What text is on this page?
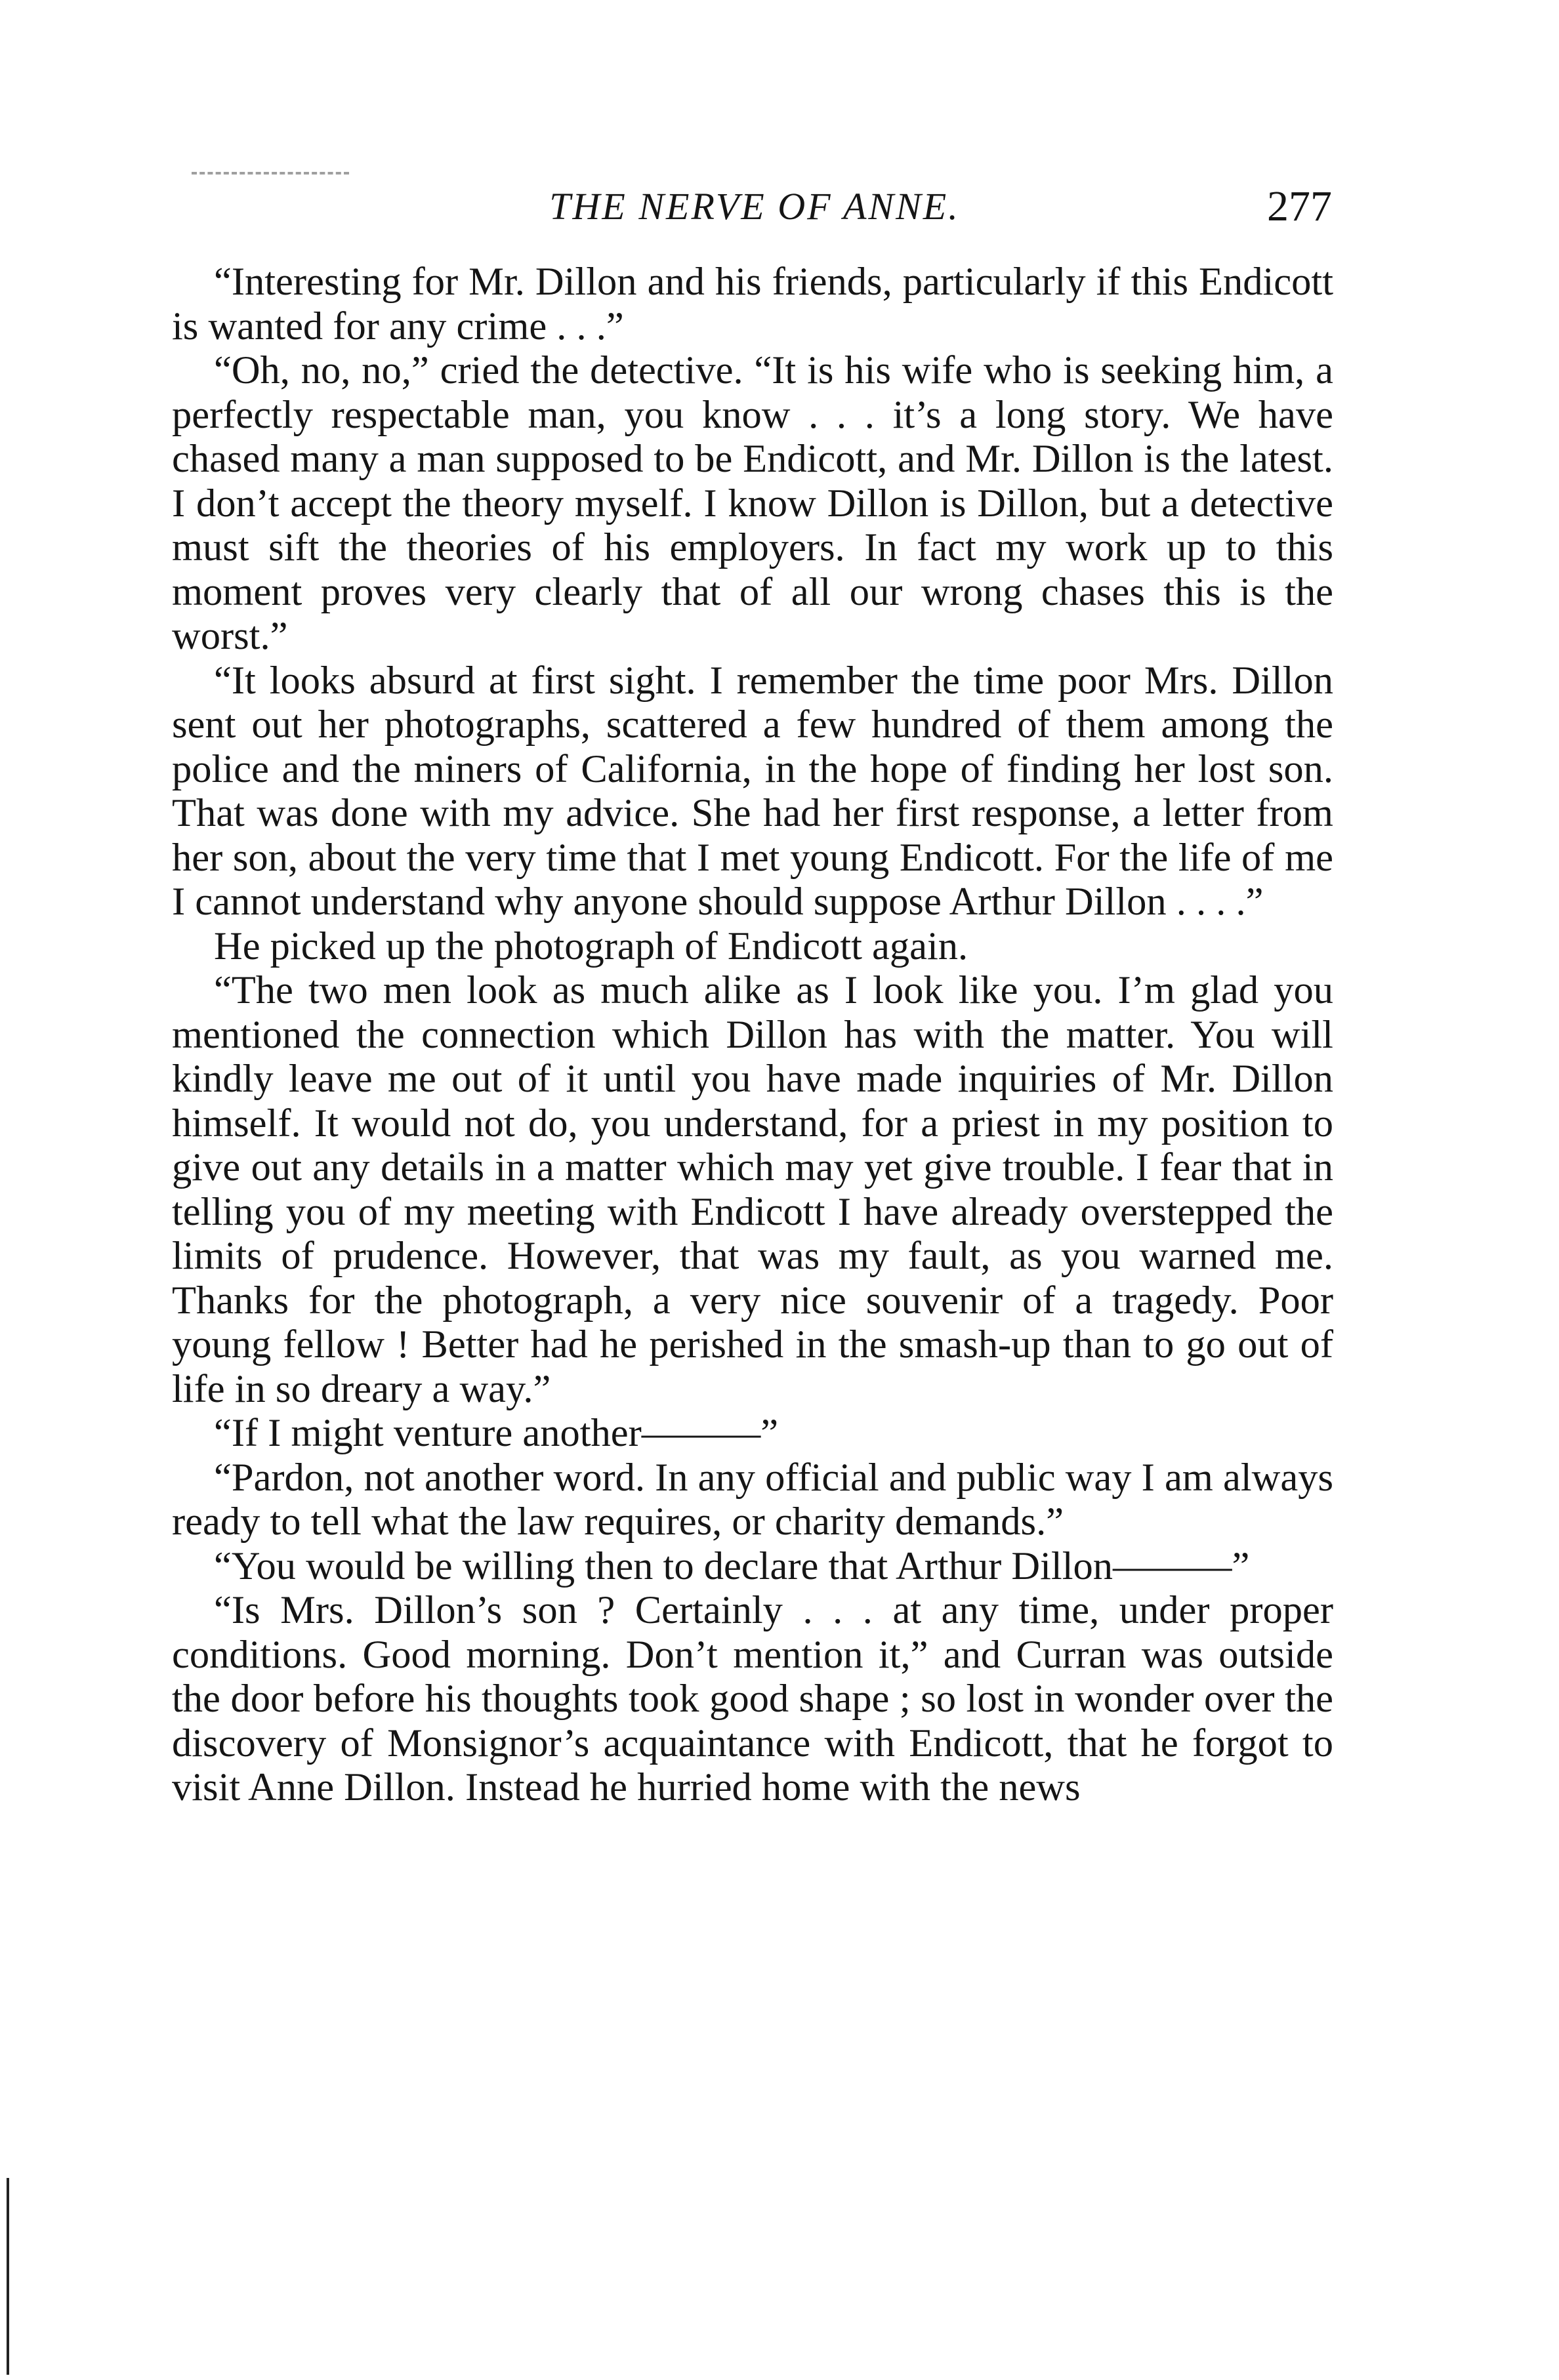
THE NERVE OF ANNE.	277

“Interesting for Mr. Dillon and his friends, particularly if this Endicott is wanted for any crime . . .”

“Oh, no, no,” cried the detective. “It is his wife who is seeking him, a perfectly respectable man, you know . . . it’s a long story. We have chased many a man supposed to be Endicott, and Mr. Dillon is the latest. I don’t accept the theory myself. I know Dillon is Dillon, but a detective must sift the theories of his employers. In fact my work up to this moment proves very clearly that of all our wrong chases this is the worst.”

“It looks absurd at first sight. I remember the time poor Mrs. Dillon sent out her photographs, scattered a few hundred of them among the police and the miners of California, in the hope of finding her lost son. That was done with my advice. She had her first response, a letter from her son, about the very time that I met young Endicott. For the life of me I cannot understand why anyone should suppose Arthur Dillon . . . .”

He picked up the photograph of Endicott again.

“The two men look as much alike as I look like you. I’m glad you mentioned the connection which Dillon has with the matter. You will kindly leave me out of it until you have made inquiries of Mr. Dillon himself. It would not do, you understand, for a priest in my position to give out any details in a matter which may yet give trouble. I fear that in telling you of my meeting with Endicott I have already overstepped the limits of prudence. However, that was my fault, as you warned me. Thanks for the photograph, a very nice souvenir of a tragedy. Poor young fellow ! Better had he perished in the smash-up than to go out of life in so dreary a way.”

“If I might venture another———”

“Pardon, not another word. In any official and public way I am always ready to tell what the law requires, or charity demands.”

“You would be willing then to declare that Arthur Dillon———”

“Is Mrs. Dillon’s son ? Certainly . . . at any time, under proper conditions. Good morning. Don’t mention it,” and Curran was outside the door before his thoughts took good shape ; so lost in wonder over the discovery of Monsignor’s acquaintance with Endicott, that he forgot to visit Anne Dillon. Instead he hurried home with the news
